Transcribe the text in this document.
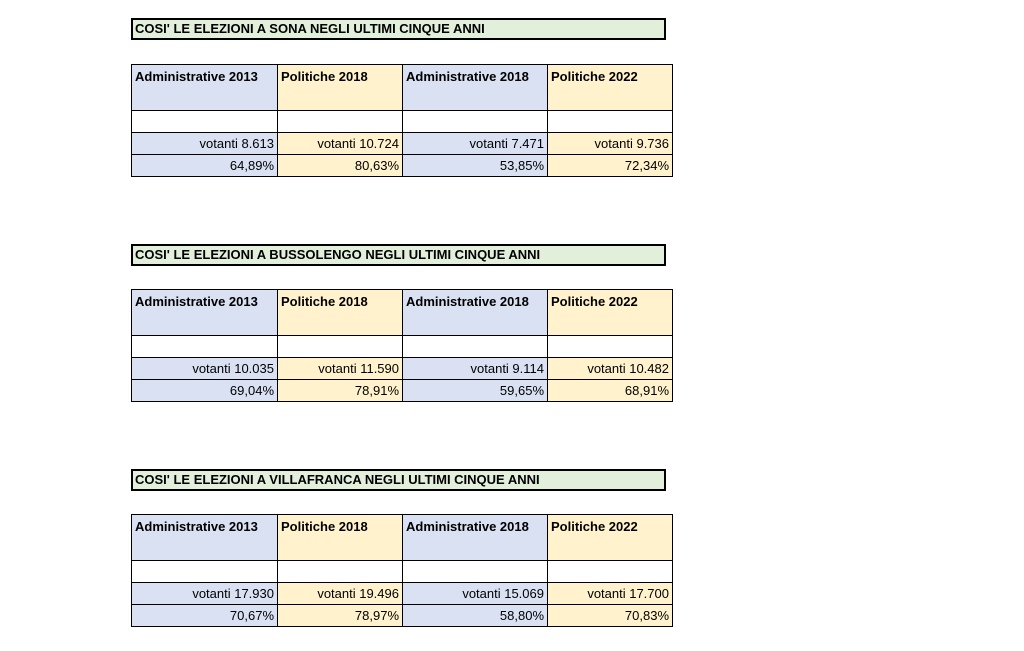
COSI' LE ELEZIONI A SONA NEGLI ULTIMI CINQUE ANNI
Administrative 2013	Politiche 2018	Administrative 2018	Politiche 2022

votanti 8.613	votanti 10.724	votanti 7.471	votanti 9.736
64,89%	80,63%	53,85%	72,34%
COSI' LE ELEZIONI A BUSSOLENGO NEGLI ULTIMI CINQUE ANNI
Administrative 2013	Politiche 2018	Administrative 2018	Politiche 2022

votanti 10.035	votanti 11.590	votanti 9.114	votanti 10.482
69,04%	78,91%	59,65%	68,91%
COSI' LE ELEZIONI A VILLAFRANCA NEGLI ULTIMI CINQUE ANNI
Administrative 2013	Politiche 2018	Administrative 2018	Politiche 2022

votanti 17.930	votanti 19.496	votanti 15.069	votanti 17.700
70,67%	78,97%	58,80%	70,83%
